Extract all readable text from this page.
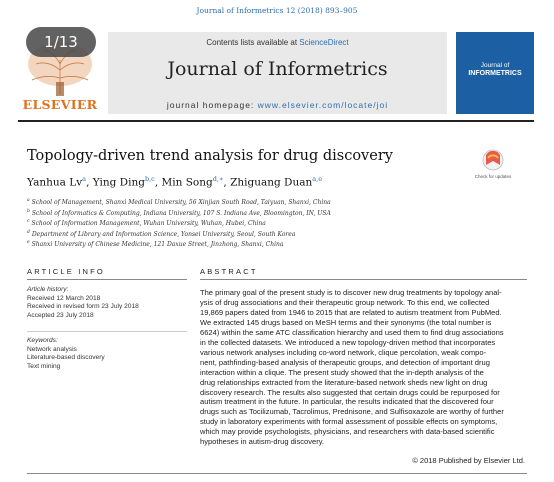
Journal of Informetrics 12 (2018) 893–905
1/13
ELSEVIER
Contents lists available at ScienceDirect
Journal of Informetrics
journal homepage: www.elsevier.com/locate/joi
Journal of
INFORMETRICS
Topology-driven trend analysis for drug discovery
Check for updates
Yanhua Lv$^a$, Ying Ding$^{b,c}$, Min Song$^{d,∗}$, Zhiguang Duan$^{a,e}$
$^a$ School of Management, Shanxi Medical University, 56 Xinjian South Road, Taiyuan, Shanxi, China
$^b$ School of Informatics & Computing, Indiana University, 107 S. Indiana Ave, Bloomington, IN, USA
$^c$ School of Information Management, Wuhan University, Wuhan, Hubei, China
$^d$ Department of Library and Information Science, Yonsei University, Seoul, South Korea
$^e$ Shanxi University of Chinese Medicine, 121 Daxue Street, Jinzhong, Shanxi, China
ARTICLE INFO
Article history:
Received 12 March 2018
Received in revised form 23 July 2018
Accepted 23 July 2018
Keywords:
Network analysis
Literature-based discovery
Text mining
ABSTRACT
The primary goal of the present study is to discover new drug treatments by topology anal-
ysis of drug associations and their therapeutic group network. To this end, we collected
19,869 papers dated from 1946 to 2015 that are related to autism treatment from PubMed.
We extracted 145 drugs based on MeSH terms and their synonyms (the total number is
6624) within the same ATC classification hierarchy and used them to find drug associations
in the collected datasets. We introduced a new topology-driven method that incorporates
various network analyses including co-word network, clique percolation, weak compo-
nent, pathfinding-based analysis of therapeutic groups, and detection of important drug
interaction within a clique. The present study showed that the in-depth analysis of the
drug relationships extracted from the literature-based network sheds new light on drug
discovery research. The results also suggested that certain drugs could be repurposed for
autism treatment in the future. In particular, the results indicated that the discovered four
drugs such as Tocilizumab, Tacrolimus, Prednisone, and Sulfisoxazole are worthy of further
study in laboratory experiments with formal assessment of possible effects on symptoms,
which may provide psychologists, physicians, and researchers with data-based scientific
hypotheses in autism-drug discovery.
© 2018 Published by Elsevier Ltd.
